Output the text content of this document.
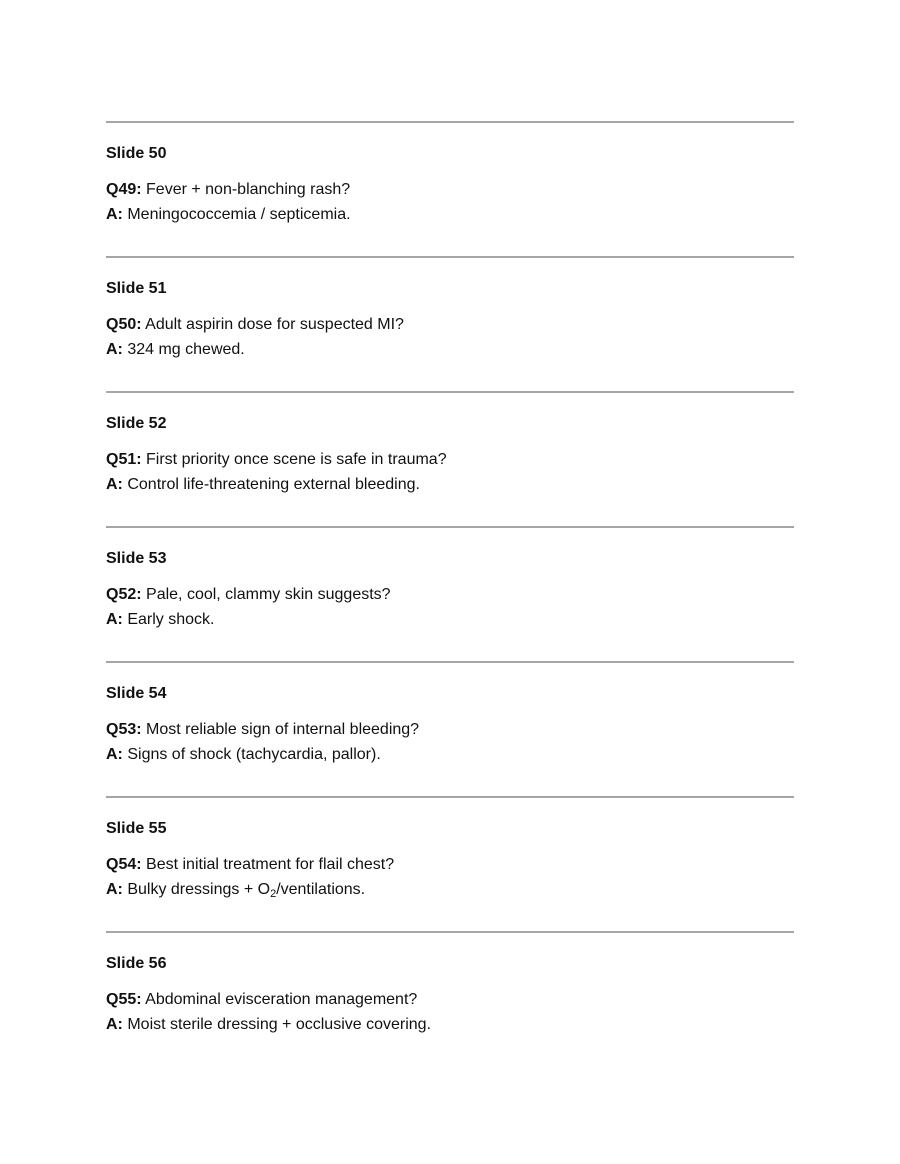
Slide 50
Q49: Fever + non-blanching rash?
A: Meningococcemia / septicemia.
Slide 51
Q50: Adult aspirin dose for suspected MI?
A: 324 mg chewed.
Slide 52
Q51: First priority once scene is safe in trauma?
A: Control life-threatening external bleeding.
Slide 53
Q52: Pale, cool, clammy skin suggests?
A: Early shock.
Slide 54
Q53: Most reliable sign of internal bleeding?
A: Signs of shock (tachycardia, pallor).
Slide 55
Q54: Best initial treatment for flail chest?
A: Bulky dressings + $O_2$/ventilations.
Slide 56
Q55: Abdominal evisceration management?
A: Moist sterile dressing + occlusive covering.
